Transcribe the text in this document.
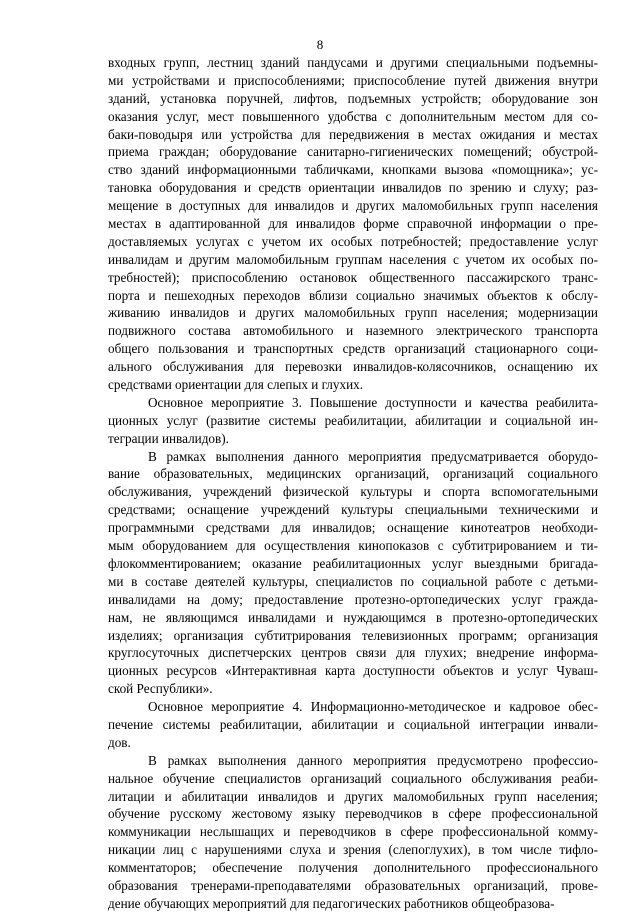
8
входных групп, лестниц зданий пандусами и другими специальными подъемны-
ми устройствами и приспособлениями; приспособление путей движения внутри
зданий, установка поручней, лифтов, подъемных устройств; оборудование зон
оказания услуг, мест повышенного удобства с дополнительным местом для со-
баки-поводыря или устройства для передвижения в местах ожидания и местах
приема граждан; оборудование санитарно-гигиенических помещений; обустрой-
ство зданий информационными табличками, кнопками вызова «помощника»; ус-
тановка оборудования и средств ориентации инвалидов по зрению и слуху; раз-
мещение в доступных для инвалидов и других маломобильных групп населения
местах в адаптированной для инвалидов форме справочной информации о пре-
доставляемых услугах с учетом их особых потребностей; предоставление услуг
инвалидам и другим маломобильным группам населения с учетом их особых по-
требностей); приспособлению остановок общественного пассажирского транс-
порта и пешеходных переходов вблизи социально значимых объектов к обслу-
живанию инвалидов и других маломобильных групп населения; модернизации
подвижного состава автомобильного и наземного электрического транспорта
общего пользования и транспортных средств организаций стационарного соци-
ального обслуживания для перевозки инвалидов-колясочников, оснащению их
средствами ориентации для слепых и глухих.
Основное мероприятие 3. Повышение доступности и качества реабилита-
ционных услуг (развитие системы реабилитации, абилитации и социальной ин-
теграции инвалидов).
В рамках выполнения данного мероприятия предусматривается оборудо-
вание образовательных, медицинских организаций, организаций социального
обслуживания, учреждений физической культуры и спорта вспомогательными
средствами; оснащение учреждений культуры специальными техническими и
программными средствами для инвалидов; оснащение кинотеатров необходи-
мым оборудованием для осуществления кинопоказов с субтитрированием и ти-
флокомментированием; оказание реабилитационных услуг выездными бригада-
ми в составе деятелей культуры, специалистов по социальной работе с детьми-
инвалидами на дому; предоставление протезно-ортопедических услуг гражда-
нам, не являющимся инвалидами и нуждающимся в протезно-ортопедических
изделиях; организация субтитрирования телевизионных программ; организация
круглосуточных диспетчерских центров связи для глухих; внедрение информа-
ционных ресурсов «Интерактивная карта доступности объектов и услуг Чуваш-
ской Республики».
Основное мероприятие 4. Информационно-методическое и кадровое обес-
печение системы реабилитации, абилитации и социальной интеграции инвали-
дов.
В рамках выполнения данного мероприятия предусмотрено профессио-
нальное обучение специалистов организаций социального обслуживания реаби-
литации и абилитации инвалидов и других маломобильных групп населения;
обучение русскому жестовому языку переводчиков в сфере профессиональной
коммуникации неслышащих и переводчиков в сфере профессиональной комму-
никации лиц с нарушениями слуха и зрения (слепоглухих), в том числе тифло-
комментаторов; обеспечение получения дополнительного профессионального
образования тренерами-преподавателями образовательных организаций, прове-
дение обучающих мероприятий для педагогических работников общеобразова-
